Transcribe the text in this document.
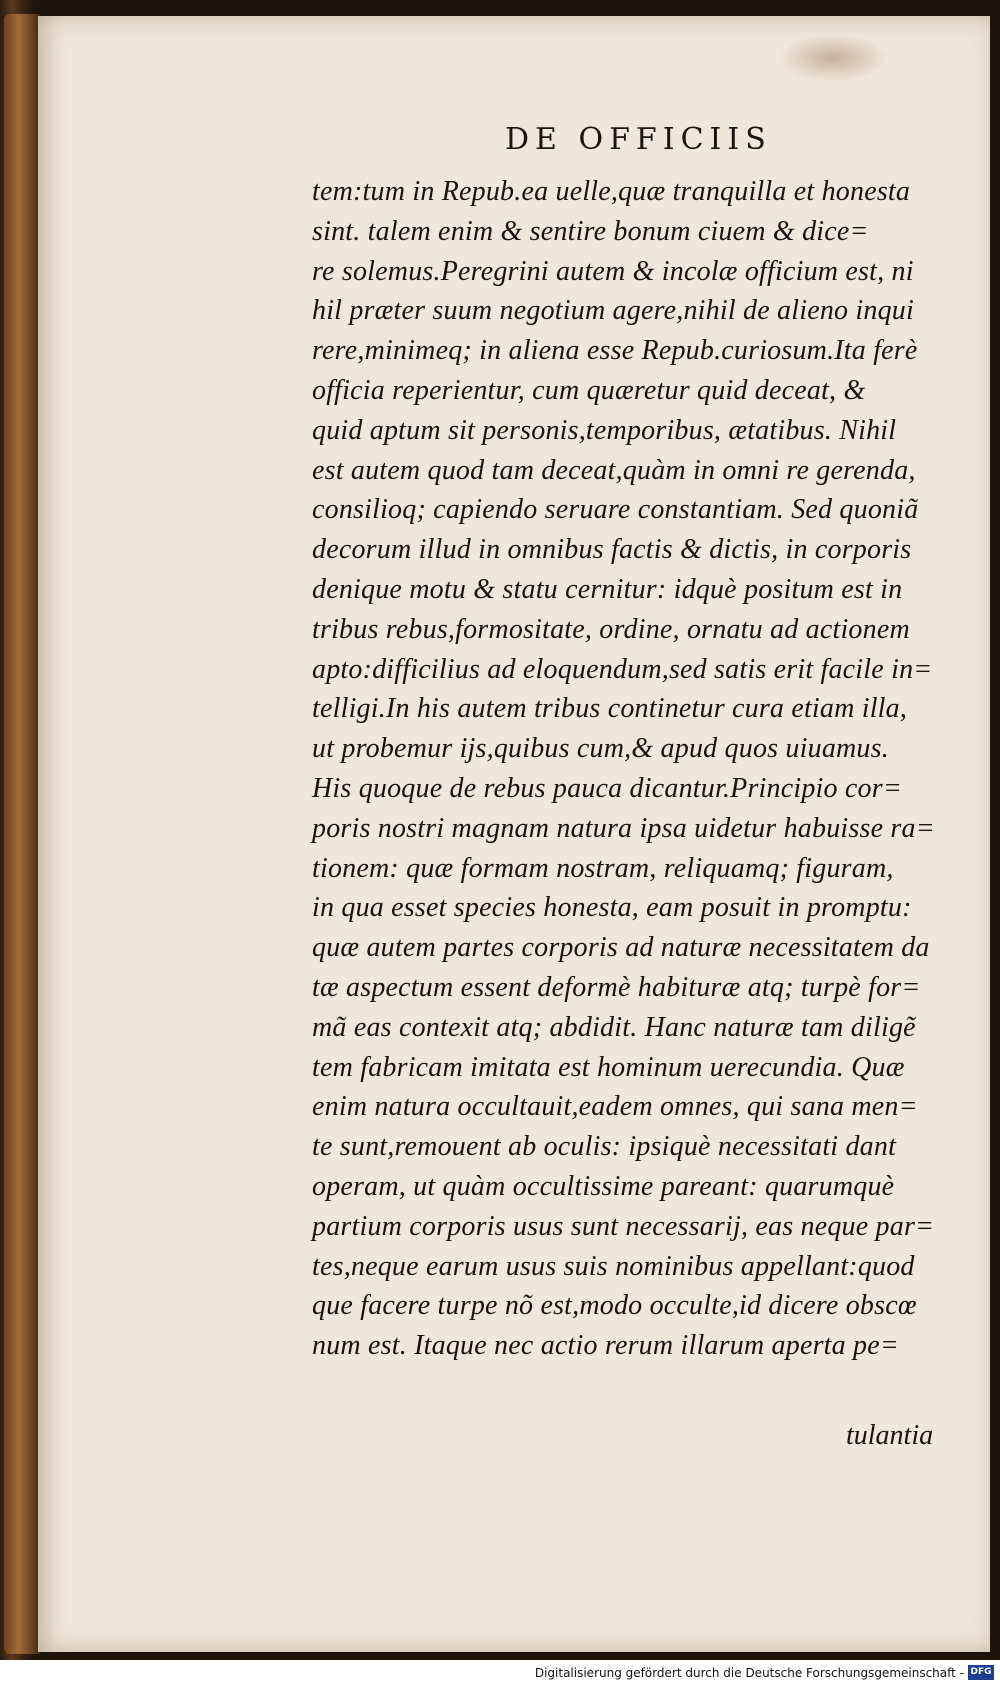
DE OFFICIIS
tem:tum in Repub.ea uelle,quæ tranquilla et honesta
sint. talem enim & sentire bonum ciuem & dice=
re solemus.Peregrini autem & incolæ officium est, ni
hil præter suum negotium agere,nihil de alieno inqui
rere,minimeq; in aliena esse Repub.curiosum.Ita ferè
officia reperientur, cum quæretur quid deceat, &
quid aptum sit personis,temporibus, ætatibus. Nihil
est autem quod tam deceat,quàm in omni re gerenda,
consilioq; capiendo seruare constantiam. Sed quoniã
decorum illud in omnibus factis & dictis, in corporis
denique motu & statu cernitur: idquè positum est in
tribus rebus,formositate, ordine, ornatu ad actionem
apto:difficilius ad eloquendum,sed satis erit facile in=
telligi.In his autem tribus continetur cura etiam illa,
ut probemur ijs,quibus cum,& apud quos uiuamus.
His quoque de rebus pauca dicantur.Principio cor=
poris nostri magnam natura ipsa uidetur habuisse ra=
tionem: quæ formam nostram, reliquamq; figuram,
in qua esset species honesta, eam posuit in promptu:
quæ autem partes corporis ad naturæ necessitatem da
tæ aspectum essent deformè habituræ atq; turpè for=
mã eas contexit atq; abdidit. Hanc naturæ tam diligẽ
tem fabricam imitata est hominum uerecundia. Quæ
enim natura occultauit,eadem omnes, qui sana men=
te sunt,remouent ab oculis: ipsiquè necessitati dant
operam, ut quàm occultissime pareant: quarumquè
partium corporis usus sunt necessarij, eas neque par=
tes,neque earum usus suis nominibus appellant:quod
que facere turpe nõ est,modo occulte,id dicere obscœ
num est. Itaque nec actio rerum illarum aperta pe=
tulantia
Digitalisierung gefördert durch die Deutsche Forschungsgemeinschaft - DFG
